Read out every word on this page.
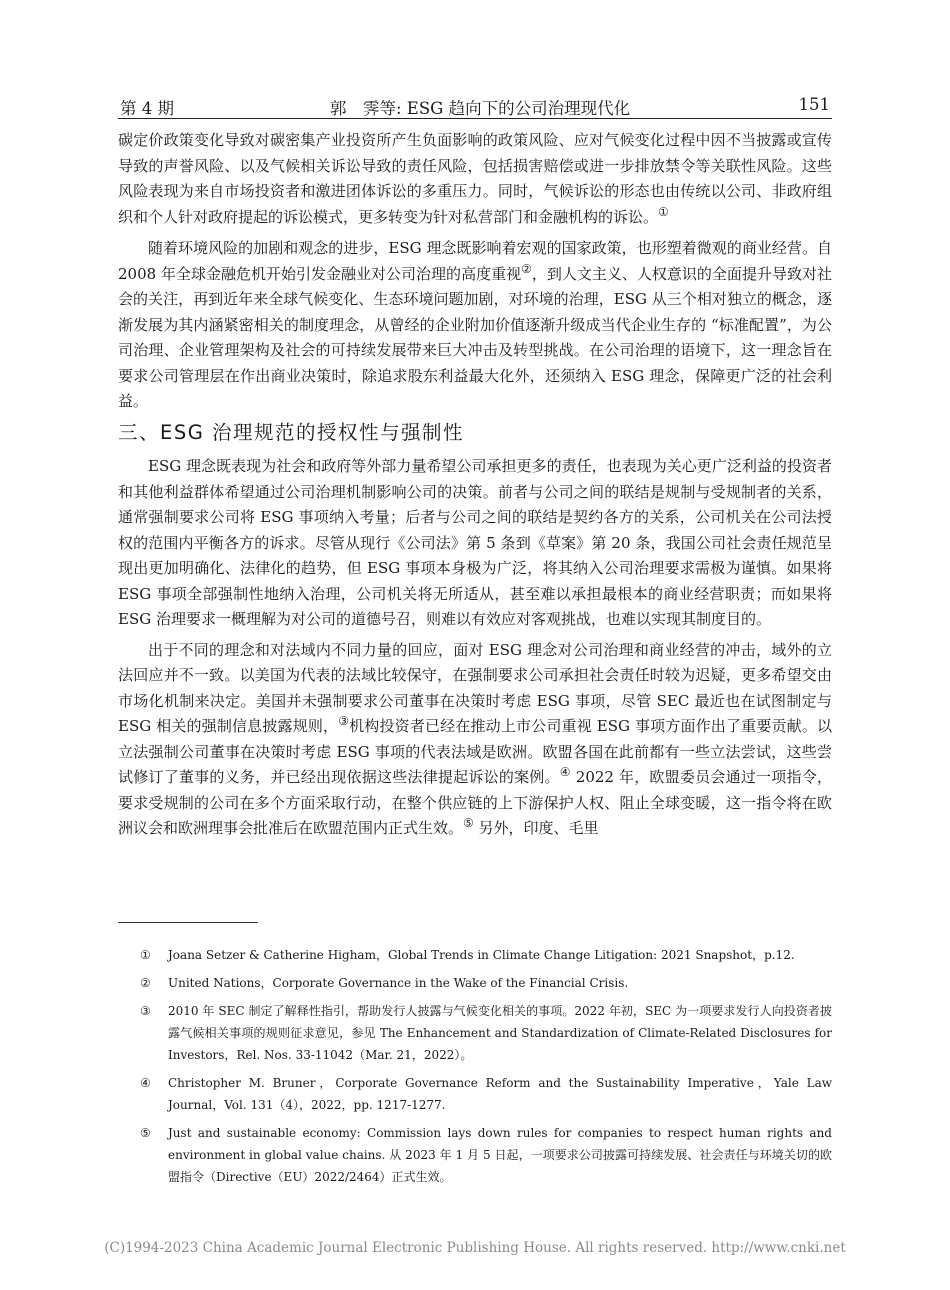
第 4 期	郭　霁等: ESG 趋向下的公司治理现代化	151

碳定价政策变化导致对碳密集产业投资所产生负面影响的政策风险、应对气候变化过程中因不当披露或宣传导致的声誉风险、以及气候相关诉讼导致的责任风险，包括损害赔偿或进一步排放禁令等关联性风险。这些风险表现为来自市场投资者和激进团体诉讼的多重压力。同时，气候诉讼的形态也由传统以公司、非政府组织和个人针对政府提起的诉讼模式，更多转变为针对私营部门和金融机构的诉讼。①

随着环境风险的加剧和观念的进步，ESG 理念既影响着宏观的国家政策，也形塑着微观的商业经营。自 2008 年全球金融危机开始引发金融业对公司治理的高度重视②，到人文主义、人权意识的全面提升导致对社会的关注，再到近年来全球气候变化、生态环境问题加剧，对环境的治理，ESG 从三个相对独立的概念，逐渐发展为其内涵紧密相关的制度理念，从曾经的企业附加价值逐渐升级成当代企业生存的 “标准配置”，为公司治理、企业管理架构及社会的可持续发展带来巨大冲击及转型挑战。在公司治理的语境下，这一理念旨在要求公司管理层在作出商业决策时，除追求股东利益最大化外，还须纳入 ESG 理念，保障更广泛的社会利益。

三、ESG 治理规范的授权性与强制性

ESG 理念既表现为社会和政府等外部力量希望公司承担更多的责任，也表现为关心更广泛利益的投资者和其他利益群体希望通过公司治理机制影响公司的决策。前者与公司之间的联结是规制与受规制者的关系，通常强制要求公司将 ESG 事项纳入考量；后者与公司之间的联结是契约各方的关系，公司机关在公司法授权的范围内平衡各方的诉求。尽管从现行《公司法》第 5 条到《草案》第 20 条，我国公司社会责任规范呈现出更加明确化、法律化的趋势，但 ESG 事项本身极为广泛，将其纳入公司治理要求需极为谨慎。如果将 ESG 事项全部强制性地纳入治理，公司机关将无所适从，甚至难以承担最根本的商业经营职责；而如果将 ESG 治理要求一概理解为对公司的道德号召，则难以有效应对客观挑战，也难以实现其制度目的。

出于不同的理念和对法域内不同力量的回应，面对 ESG 理念对公司治理和商业经营的冲击，域外的立法回应并不一致。以美国为代表的法域比较保守，在强制要求公司承担社会责任时较为迟疑，更多希望交由市场化机制来决定。美国并未强制要求公司董事在决策时考虑 ESG 事项，尽管 SEC 最近也在试图制定与 ESG 相关的强制信息披露规则，③机构投资者已经在推动上市公司重视 ESG 事项方面作出了重要贡献。以立法强制公司董事在决策时考虑 ESG 事项的代表法域是欧洲。欧盟各国在此前都有一些立法尝试，这些尝试修订了董事的义务，并已经出现依据这些法律提起诉讼的案例。④ 2022 年，欧盟委员会通过一项指令，要求受规制的公司在多个方面采取行动，在整个供应链的上下游保护人权、阻止全球变暖，这一指令将在欧洲议会和欧洲理事会批准后在欧盟范围内正式生效。⑤ 另外，印度、毛里

① Joana Setzer & Catherine Higham，Global Trends in Climate Change Litigation: 2021 Snapshot，p.12.
② United Nations，Corporate Governance in the Wake of the Financial Crisis.
③ 2010 年 SEC 制定了解释性指引，帮助发行人披露与气候变化相关的事项。2022 年初，SEC 为一项要求发行人向投资者披露气候相关事项的规则征求意见，参见 The Enhancement and Standardization of Climate-Related Disclosures for Investors，Rel. Nos. 33-11042（Mar. 21，2022）。
④ Christopher M. Bruner，Corporate Governance Reform and the Sustainability Imperative，Yale Law Journal，Vol. 131（4），2022，pp. 1217-1277.
⑤ Just and sustainable economy: Commission lays down rules for companies to respect human rights and environment in global value chains. 从 2023 年 1 月 5 日起，一项要求公司披露可持续发展、社会责任与环境关切的欧盟指令（Directive（EU）2022/2464）正式生效。
(C)1994-2023 China Academic Journal Electronic Publishing House. All rights reserved. http://www.cnki.net
